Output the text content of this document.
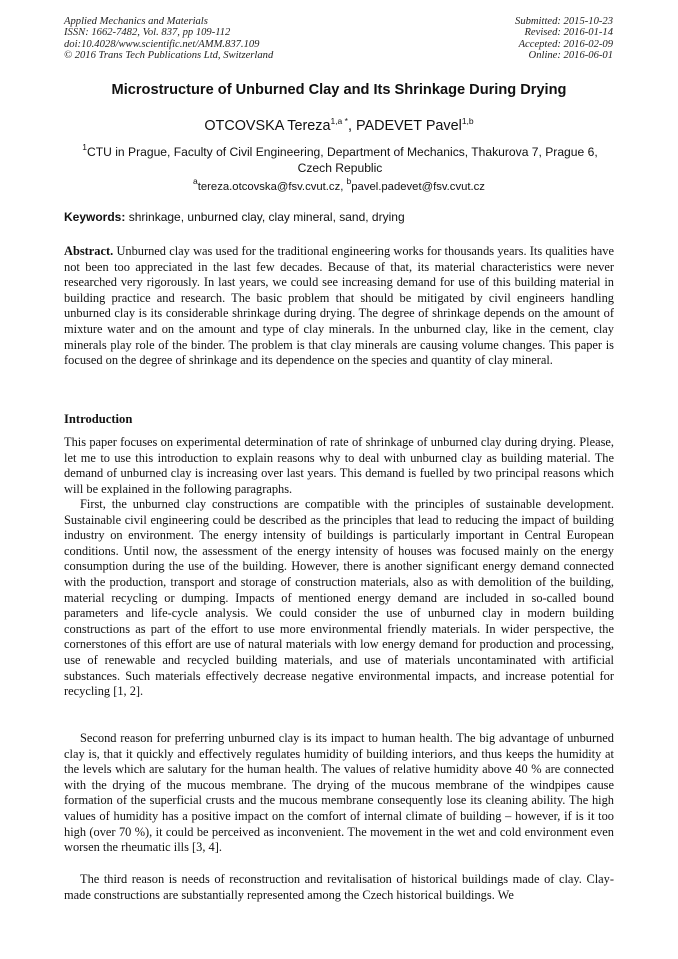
Applied Mechanics and Materials
ISSN: 1662-7482, Vol. 837, pp 109-112
doi:10.4028/www.scientific.net/AMM.837.109
© 2016 Trans Tech Publications Ltd, Switzerland
Submitted: 2015-10-23
Revised: 2016-01-14
Accepted: 2016-02-09
Online: 2016-06-01
Microstructure of Unburned Clay and Its Shrinkage During Drying
OTCOVSKA Tereza$^{1,a *}$, PADEVET Pavel$^{1,b}$
$^1$CTU in Prague, Faculty of Civil Engineering, Department of Mechanics, Thakurova 7, Prague 6, Czech Republic
$^a$tereza.otcovska@fsv.cvut.cz, $^b$pavel.padevet@fsv.cvut.cz
Keywords: shrinkage, unburned clay, clay mineral, sand, drying
Abstract. Unburned clay was used for the traditional engineering works for thousands years. Its qualities have not been too appreciated in the last few decades. Because of that, its material characteristics were never researched very rigorously. In last years, we could see increasing demand for use of this building material in building practice and research. The basic problem that should be mitigated by civil engineers handling unburned clay is its considerable shrinkage during drying. The degree of shrinkage depends on the amount of mixture water and on the amount and type of clay minerals. In the unburned clay, like in the cement, clay minerals play role of the binder. The problem is that clay minerals are causing volume changes. This paper is focused on the degree of shrinkage and its dependence on the species and quantity of clay mineral.
Introduction
This paper focuses on experimental determination of rate of shrinkage of unburned clay during drying. Please, let me to use this introduction to explain reasons why to deal with unburned clay as building material. The demand of unburned clay is increasing over last years. This demand is fuelled by two principal reasons which will be explained in the following paragraphs.
First, the unburned clay constructions are compatible with the principles of sustainable development. Sustainable civil engineering could be described as the principles that lead to reducing the impact of building industry on environment. The energy intensity of buildings is particularly important in Central European conditions. Until now, the assessment of the energy intensity of houses was focused mainly on the energy consumption during the use of the building. However, there is another significant energy demand connected with the production, transport and storage of construction materials, also as with demolition of the building, material recycling or dumping. Impacts of mentioned energy demand are included in so-called bound parameters and life-cycle analysis. We could consider the use of unburned clay in modern building constructions as part of the effort to use more environmental friendly materials. In wider perspective, the cornerstones of this effort are use of natural materials with low energy demand for production and processing, use of renewable and recycled building materials, and use of materials uncontaminated with artificial substances. Such materials effectively decrease negative environmental impacts, and increase potential for recycling [1, 2].
Second reason for preferring unburned clay is its impact to human health. The big advantage of unburned clay is, that it quickly and effectively regulates humidity of building interiors, and thus keeps the humidity at the levels which are salutary for the human health. The values of relative humidity above 40 % are connected with the drying of the mucous membrane. The drying of the mucous membrane of the windpipes cause formation of the superficial crusts and the mucous membrane consequently lose its cleaning ability. The high values of humidity has a positive impact on the comfort of internal climate of building – however, if is it too high (over 70 %), it could be perceived as inconvenient. The movement in the wet and cold environment even worsen the rheumatic ills [3, 4].
The third reason is needs of reconstruction and revitalisation of historical buildings made of clay. Clay-made constructions are substantially represented among the Czech historical buildings. We
